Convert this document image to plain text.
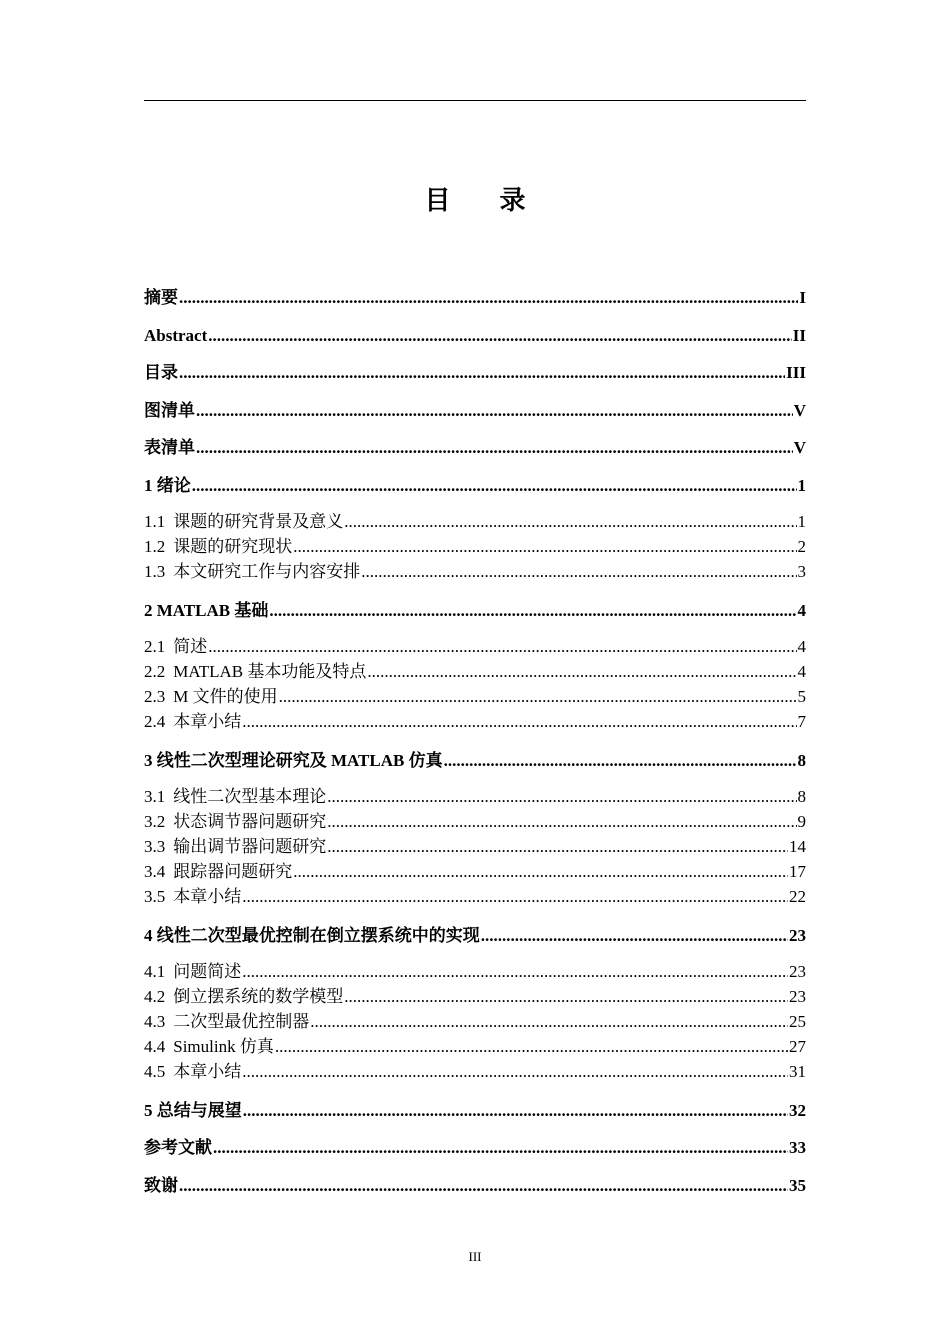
目 录
摘要 .....	I
Abstract .....	II
目录 .....	III
图清单 .....	V
表清单 .....	V
1 绪论 .....	1
1.1 课题的研究背景及意义 .....	1
1.2 课题的研究现状 .....	2
1.3 本文研究工作与内容安排 .....	3
2 MATLAB 基础 .....	4
2.1 简述 .....	4
2.2 MATLAB 基本功能及特点 .....	4
2.3 M 文件的使用 .....	5
2.4 本章小结 .....	7
3 线性二次型理论研究及 MATLAB 仿真 .....	8
3.1 线性二次型基本理论 .....	8
3.2 状态调节器问题研究 .....	9
3.3 输出调节器问题研究 .....	14
3.4 跟踪器问题研究 .....	17
3.5 本章小结 .....	22
4 线性二次型最优控制在倒立摆系统中的实现 .....	23
4.1 问题简述 .....	23
4.2 倒立摆系统的数学模型 .....	23
4.3 二次型最优控制器 .....	25
4.4 Simulink 仿真 .....	27
4.5 本章小结 .....	31
5 总结与展望 .....	32
参考文献 .....	33
致谢 .....	35
III
